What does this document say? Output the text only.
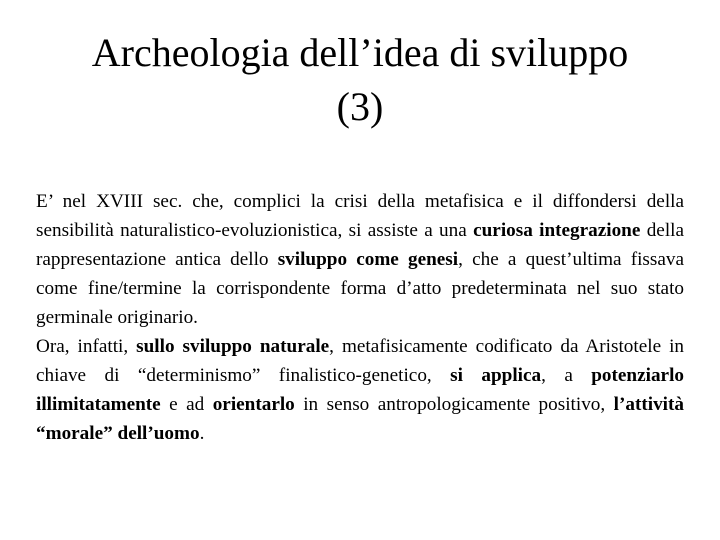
Archeologia dell’idea di sviluppo
(3)

E’ nel XVIII sec. che, complici la crisi della metafisica e il diffondersi della sensibilità naturalistico-evoluzionistica, si assiste a una curiosa integrazione della rappresentazione antica dello sviluppo come genesi, che a quest’ultima fissava come fine/termine la corrispondente forma d’atto predeterminata nel suo stato germinale originario.

Ora, infatti, sullo sviluppo naturale, metafisicamente codificato da Aristotele in chiave di “determinismo” finalistico-genetico, si applica, a potenziarlo illimitatamente e ad orientarlo in senso antropologicamente positivo, l’attività  “morale” dell’uomo.
